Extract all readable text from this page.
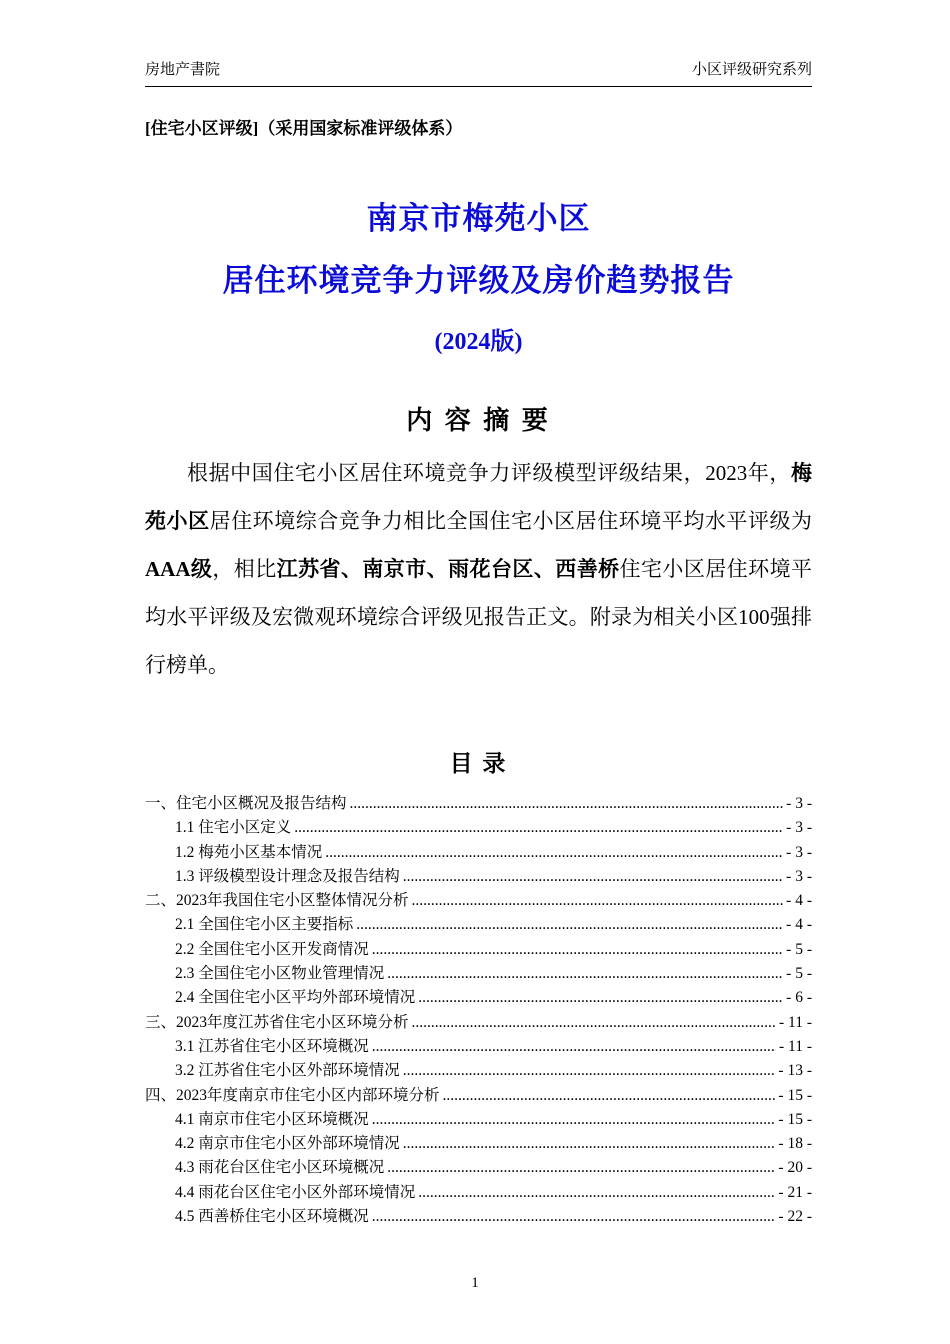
房地产書院	小区评级研究系列
[住宅小区评级]（采用国家标准评级体系）
南京市梅苑小区
居住环境竞争力评级及房价趋势报告
(2024版)
内 容 摘 要

根据中国住宅小区居住环境竞争力评级模型评级结果，2023年，梅苑小区居住环境综合竞争力相比全国住宅小区居住环境平均水平评级为AAA级，相比江苏省、南京市、雨花台区、西善桥住宅小区居住环境平均水平评级及宏微观环境综合评级见报告正文。附录为相关小区100强排行榜单。

目 录
一、住宅小区概况及报告结构 .....	- 3 -
1.1 住宅小区定义 .....	- 3 -
1.2 梅苑小区基本情况 .....	- 3 -
1.3 评级模型设计理念及报告结构 .....	- 3 -
二、2023年我国住宅小区整体情况分析 .....	- 4 -
2.1 全国住宅小区主要指标 .....	- 4 -
2.2 全国住宅小区开发商情况 .....	- 5 -
2.3 全国住宅小区物业管理情况 .....	- 5 -
2.4 全国住宅小区平均外部环境情况 .....	- 6 -
三、2023年度江苏省住宅小区环境分析 .....	- 11 -
3.1 江苏省住宅小区环境概况 .....	- 11 -
3.2 江苏省住宅小区外部环境情况 .....	- 13 -
四、2023年度南京市住宅小区内部环境分析 .....	- 15 -
4.1 南京市住宅小区环境概况 .....	- 15 -
4.2 南京市住宅小区外部环境情况 .....	- 18 -
4.3 雨花台区住宅小区环境概况 .....	- 20 -
4.4 雨花台区住宅小区外部环境情况 .....	- 21 -
4.5 西善桥住宅小区环境概况 .....	- 22 -
1
